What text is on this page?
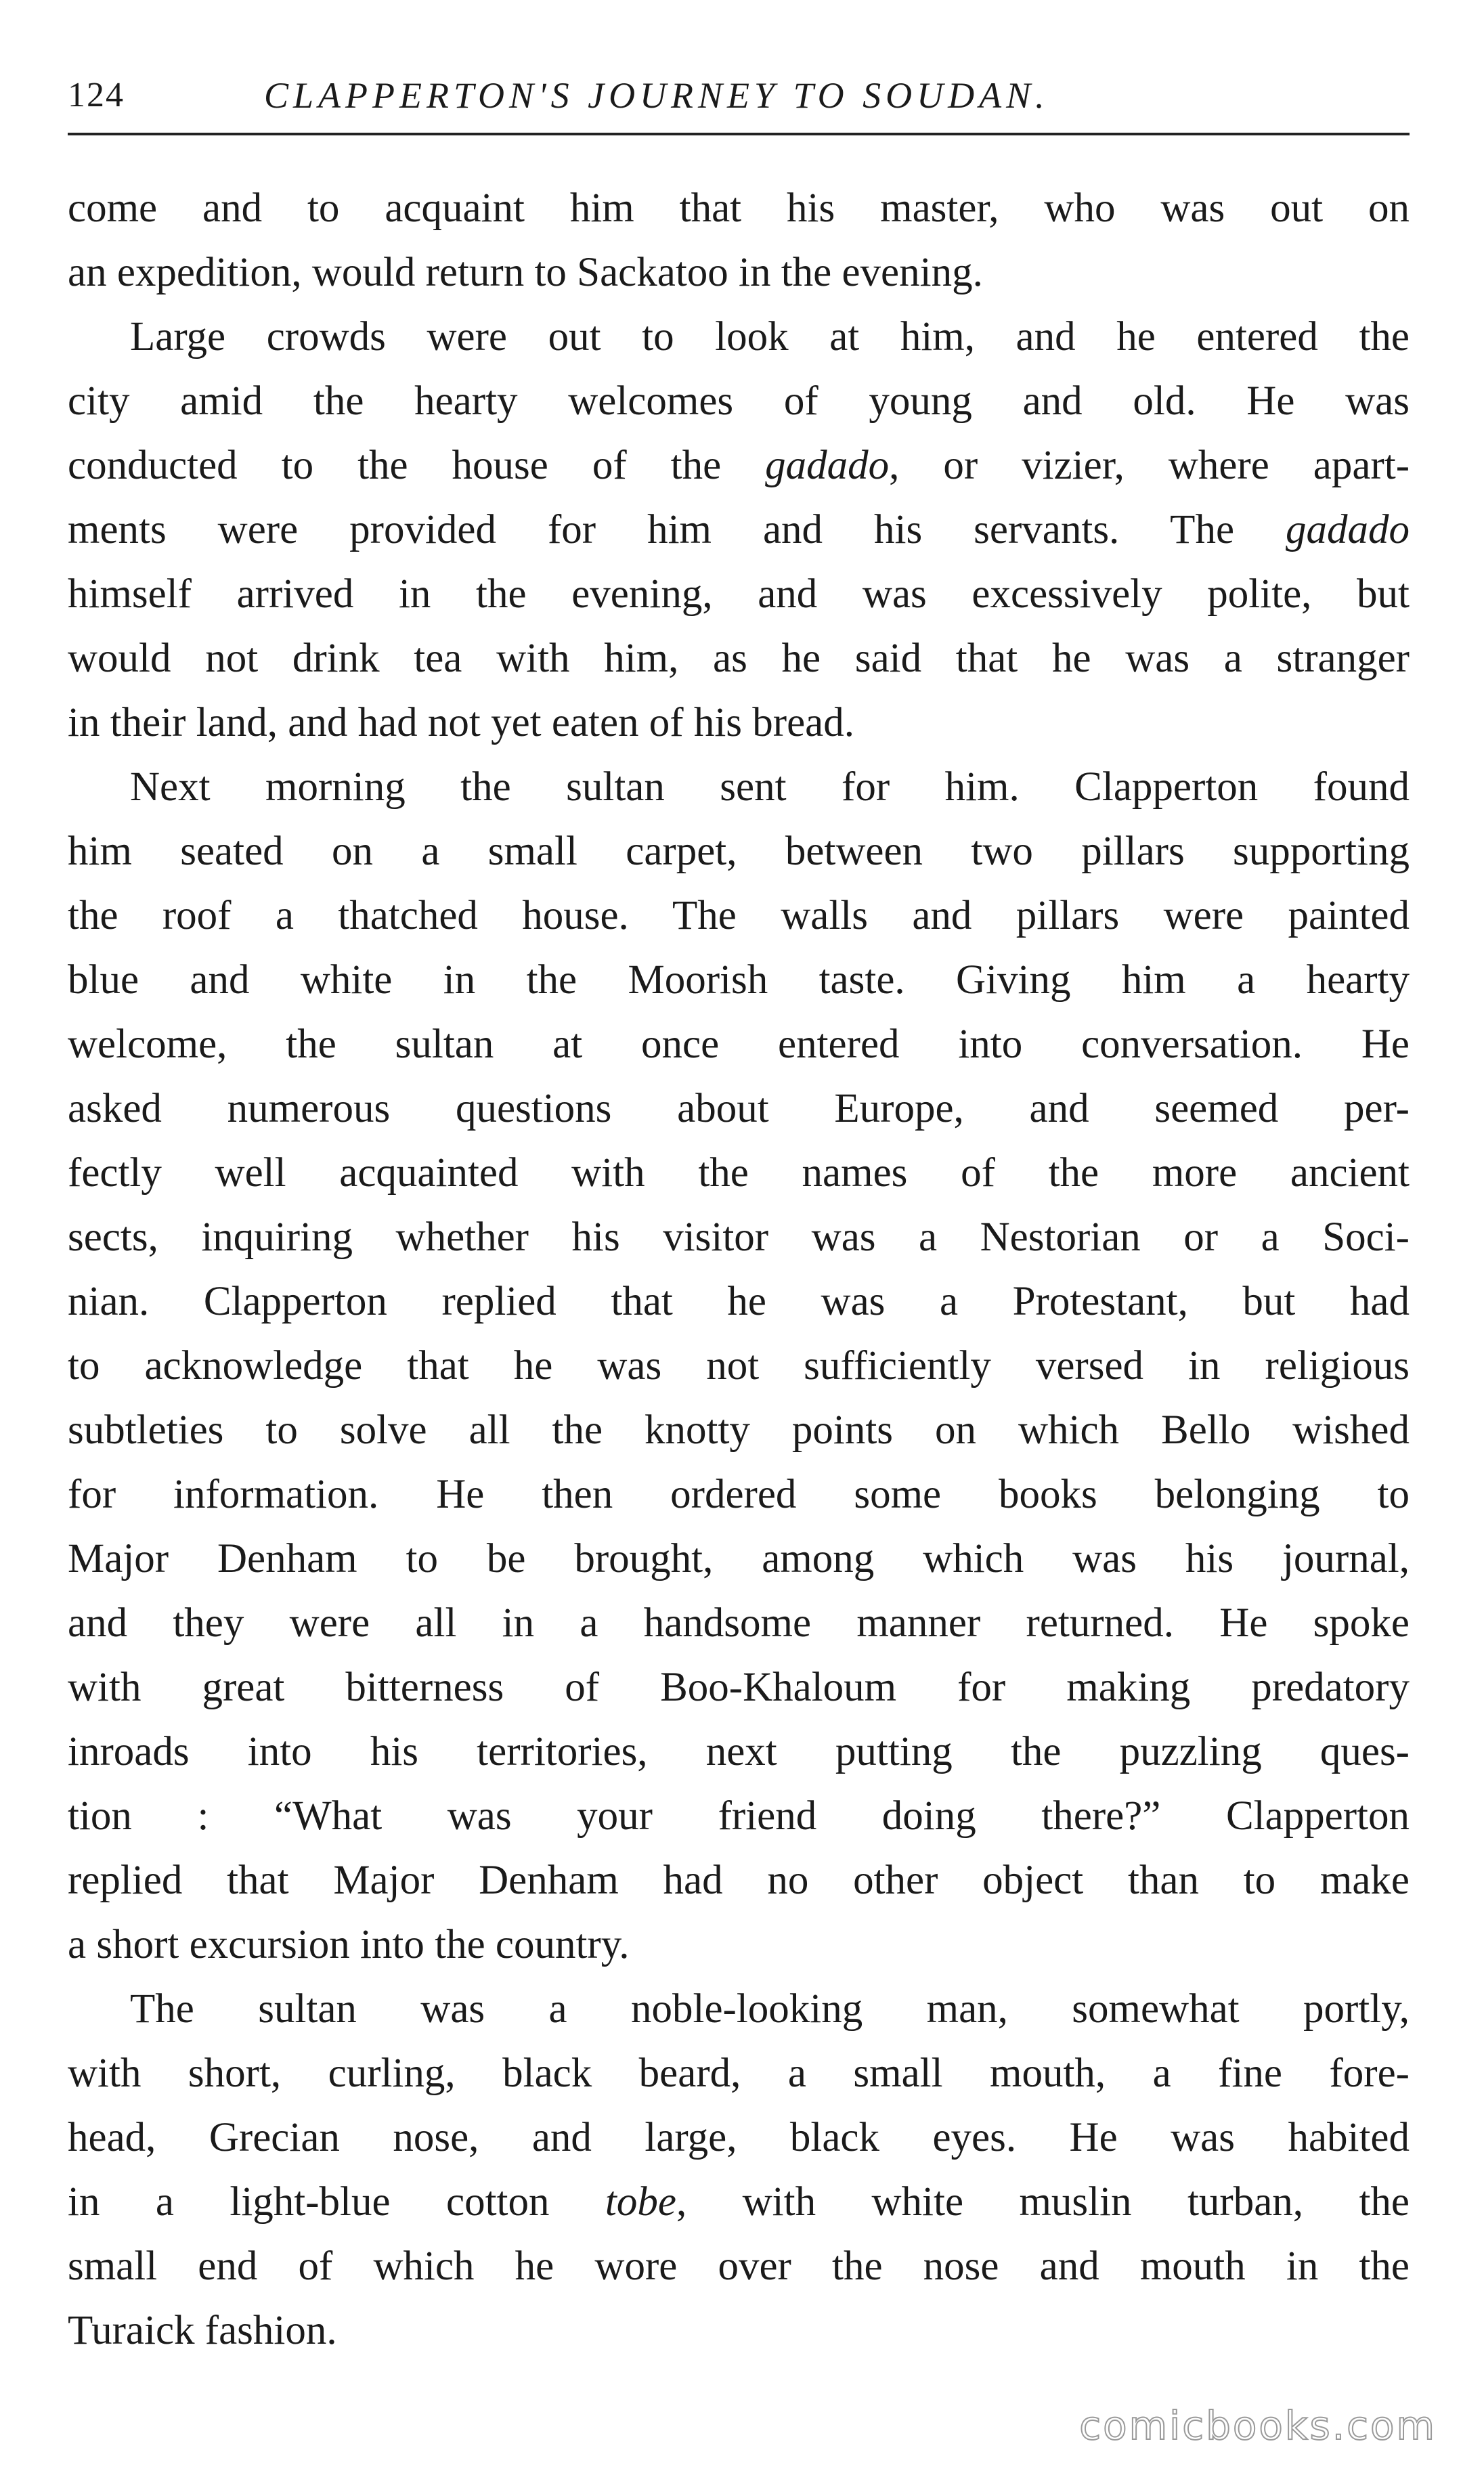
124	CLAPPERTON'S JOURNEY TO SOUDAN.
come and to acquaint him that his master, who was out on
an expedition, would return to Sackatoo in the evening.
Large crowds were out to look at him, and he entered the
city amid the hearty welcomes of young and old. He was
conducted to the house of the gadado, or vizier, where apart-
ments were provided for him and his servants. The gadado
himself arrived in the evening, and was excessively polite, but
would not drink tea with him, as he said that he was a stranger
in their land, and had not yet eaten of his bread.
Next morning the sultan sent for him. Clapperton found
him seated on a small carpet, between two pillars supporting
the roof a thatched house. The walls and pillars were painted
blue and white in the Moorish taste. Giving him a hearty
welcome, the sultan at once entered into conversation. He
asked numerous questions about Europe, and seemed per-
fectly well acquainted with the names of the more ancient
sects, inquiring whether his visitor was a Nestorian or a Soci-
nian. Clapperton replied that he was a Protestant, but had
to acknowledge that he was not sufficiently versed in religious
subtleties to solve all the knotty points on which Bello wished
for information. He then ordered some books belonging to
Major Denham to be brought, among which was his journal,
and they were all in a handsome manner returned. He spoke
with great bitterness of Boo-Khaloum for making predatory
inroads into his territories, next putting the puzzling ques-
tion : “What was your friend doing there?” Clapperton
replied that Major Denham had no other object than to make
a short excursion into the country.
The sultan was a noble-looking man, somewhat portly,
with short, curling, black beard, a small mouth, a fine fore-
head, Grecian nose, and large, black eyes. He was habited
in a light-blue cotton tobe, with white muslin turban, the
small end of which he wore over the nose and mouth in the
Turaick fashion.
comicbooks.com
